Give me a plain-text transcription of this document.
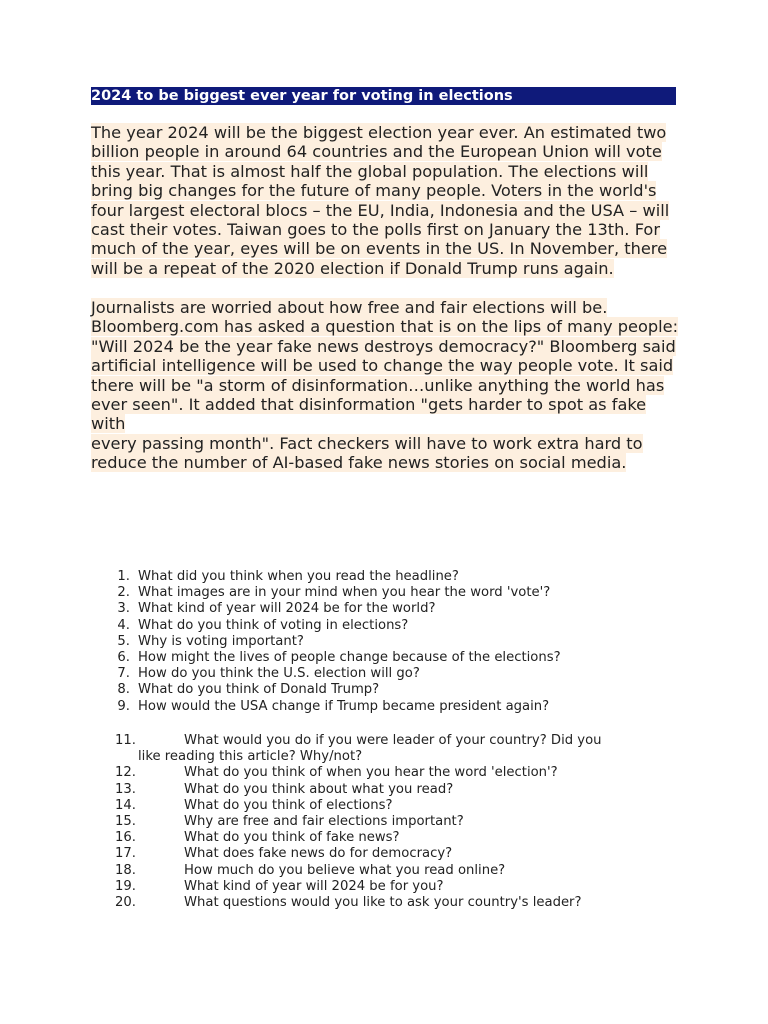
2024 to be biggest ever year for voting in elections
The year 2024 will be the biggest election year ever. An estimated two
billion people in around 64 countries and the European Union will vote
this year. That is almost half the global population. The elections will
bring big changes for the future of many people. Voters in the world's
four largest electoral blocs – the EU, India, Indonesia and the USA – will
cast their votes. Taiwan goes to the polls first on January the 13th. For
much of the year, eyes will be on events in the US. In November, there
will be a repeat of the 2020 election if Donald Trump runs again.
Journalists are worried about how free and fair elections will be.
Bloomberg.com has asked a question that is on the lips of many people:
"Will 2024 be the year fake news destroys democracy?" Bloomberg said
artificial intelligence will be used to change the way people vote. It said
there will be "a storm of disinformation…unlike anything the world has
ever seen". It added that disinformation "gets harder to spot as fake with
every passing month". Fact checkers will have to work extra hard to
reduce the number of AI-based fake news stories on social media.
1. What did you think when you read the headline?
2. What images are in your mind when you hear the word 'vote'?
3. What kind of year will 2024 be for the world?
4. What do you think of voting in elections?
5. Why is voting important?
6. How might the lives of people change because of the elections?
7. How do you think the U.S. election will go?
8. What do you think of Donald Trump?
9. How would the USA change if Trump became president again?
11.	What would you do if you were leader of your country? Did you
like reading this article? Why/not?
12.	What do you think of when you hear the word 'election'?
13.	What do you think about what you read?
14.	What do you think of elections?
15.	Why are free and fair elections important?
16.	What do you think of fake news?
17.	What does fake news do for democracy?
18.	How much do you believe what you read online?
19.	What kind of year will 2024 be for you?
20.	What questions would you like to ask your country's leader?
